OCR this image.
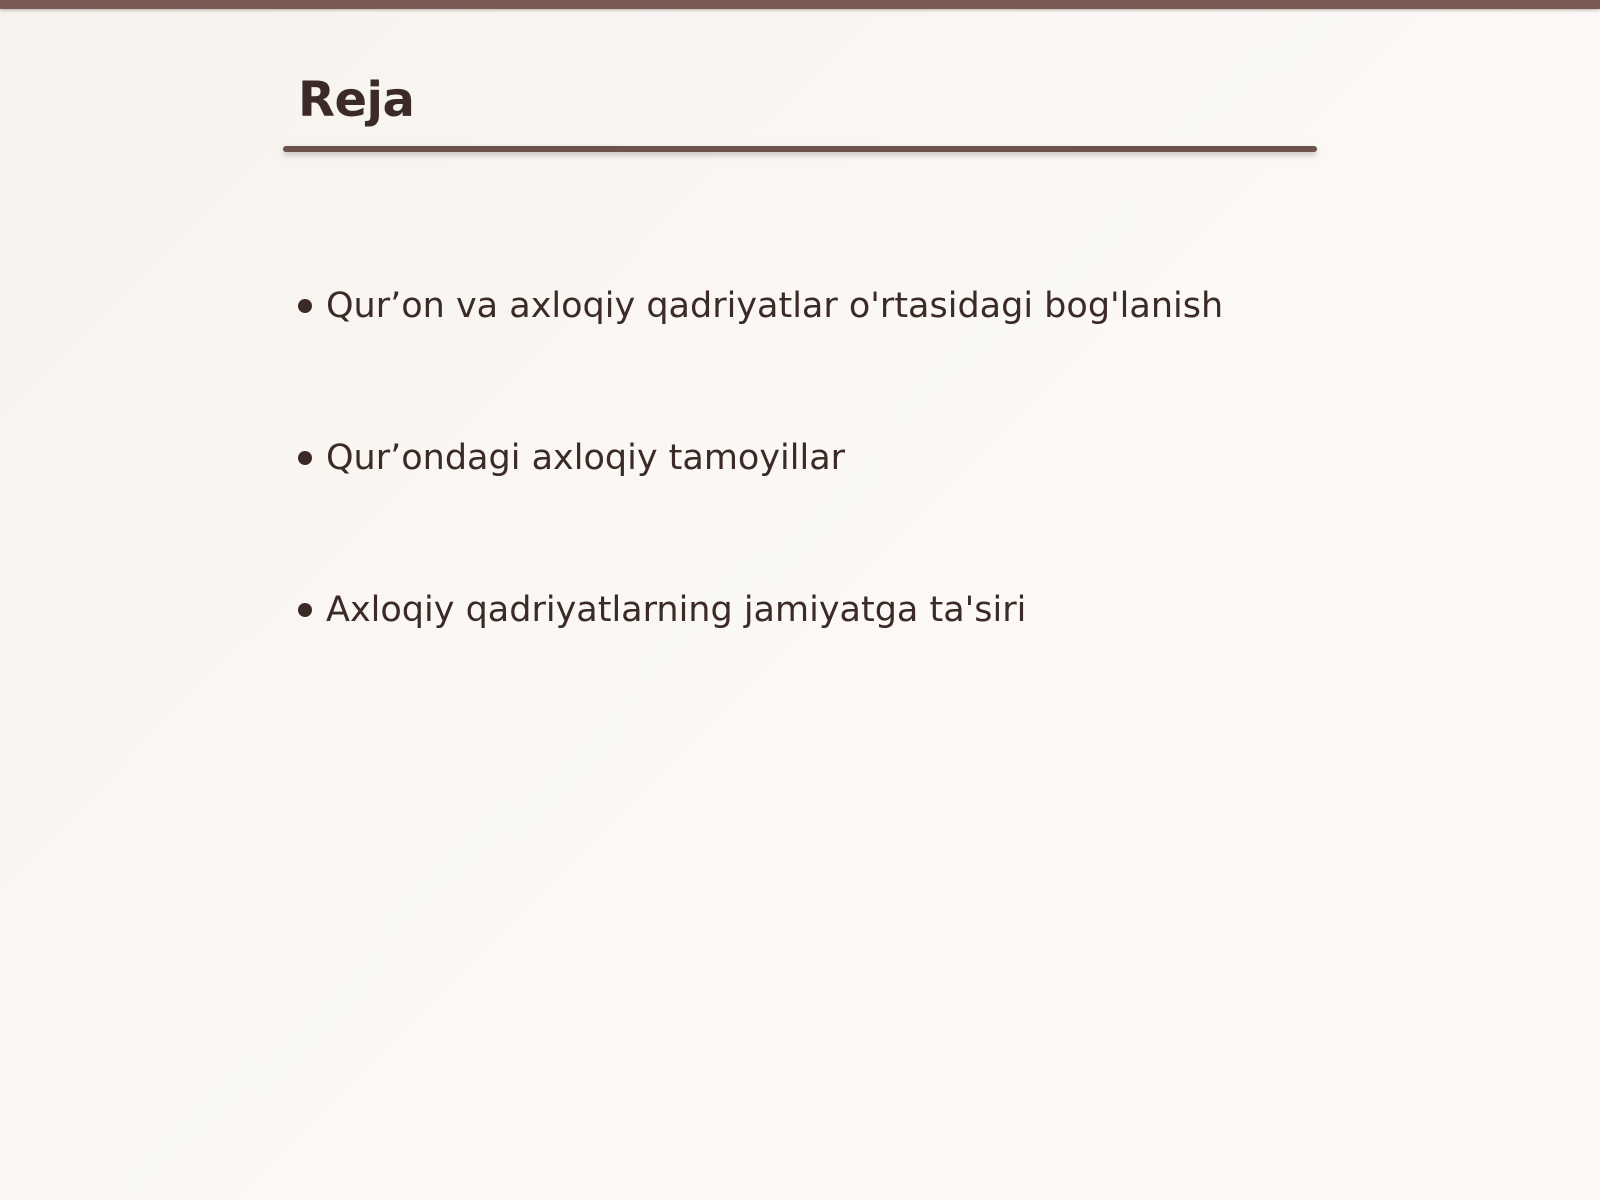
Reja
Qur’on va axloqiy qadriyatlar o'rtasidagi bog'lanish
Qur’ondagi axloqiy tamoyillar
Axloqiy qadriyatlarning jamiyatga ta'siri
